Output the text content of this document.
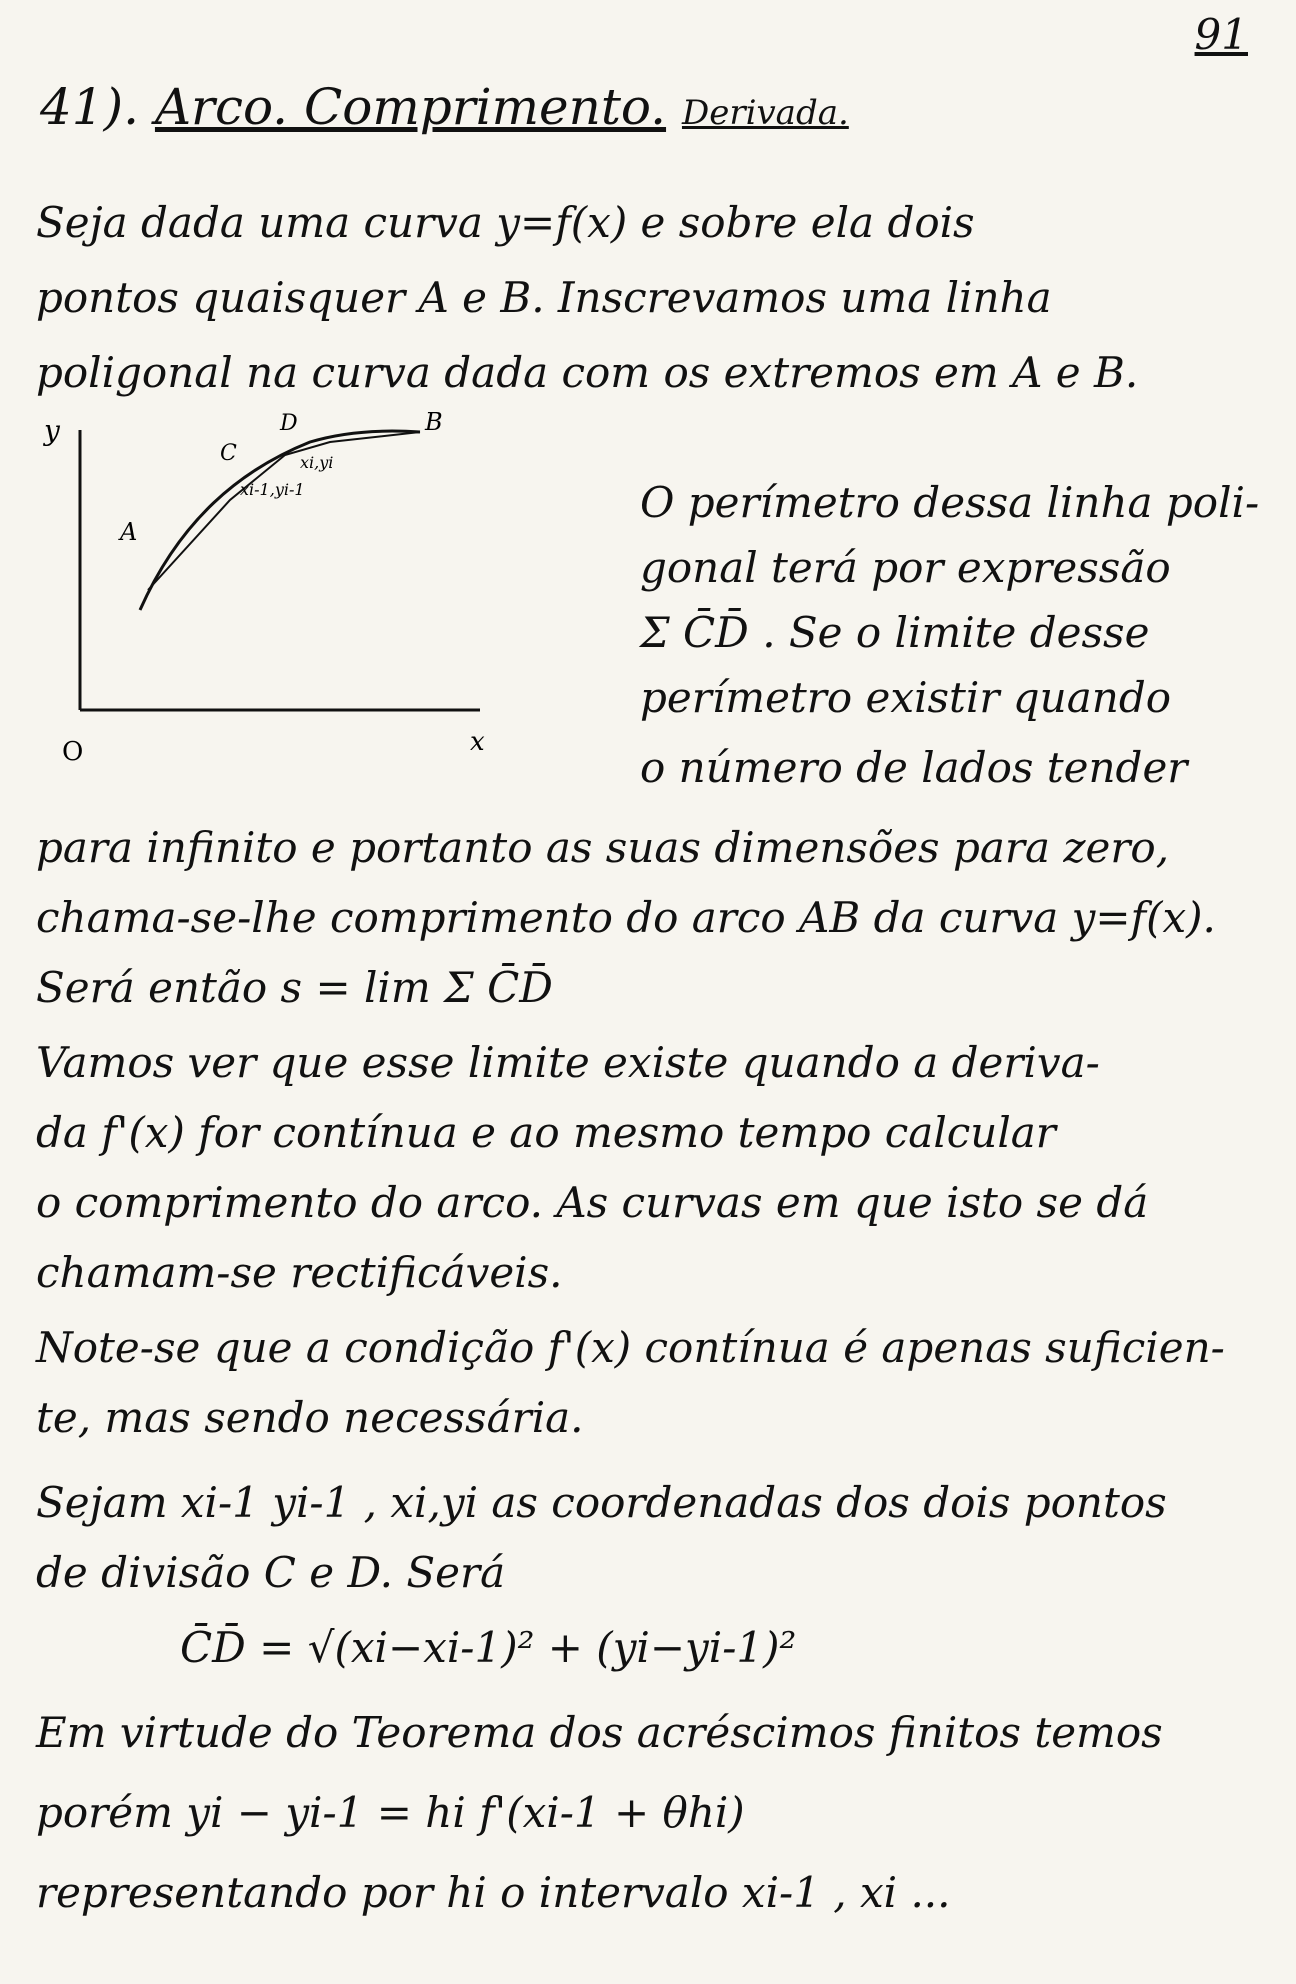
91
41). Arco. Comprimento. Derivada.
Seja dada uma curva y=f(x) e sobre ela dois
pontos quaisquer A e B. Inscrevamos uma linha
poligonal na curva dada com os extremos em A e B.
y
O	x
A
B
C
D
xi,yi
xi-1,yi-1	O perímetro dessa linha poli-
gonal terá por expressão
Σ C̄D̄ . Se o limite desse
perímetro existir quando
o número de lados tender
para infinito e portanto as suas dimensões para zero,
chama-se-lhe comprimento do arco AB da curva y=f(x).
Será então s = lim Σ C̄D̄
Vamos ver que esse limite existe quando a deriva-
da f'(x) for contínua e ao mesmo tempo calcular
o comprimento do arco. As curvas em que isto se dá
chamam-se rectificáveis.
Note-se que a condição f'(x) contínua é apenas suficien-
te, mas sendo necessária.
Sejam xi-1 yi-1 , xi,yi as coordenadas dos dois pontos
de divisão C e D. Será
C̄D̄ = √(xi−xi-1)² + (yi−yi-1)²
Em virtude do Teorema dos acréscimos finitos temos
porém yi − yi-1 = hi f'(xi-1 + θhi)
representando por hi o intervalo xi-1 , xi ...
